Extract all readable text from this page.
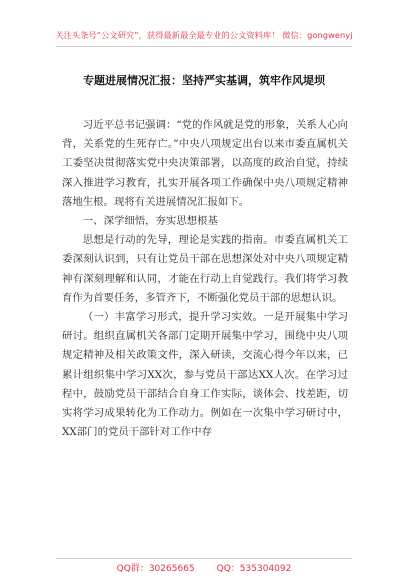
关注头条号“公文研究”，获得最新最全最专业的公文资料库！ 微信：gongwenyj
专题进展情况汇报：坚持严实基调，筑牢作风堤坝

习近平总书记强调：“党的作风就是党的形象，关系人心向背，关系党的生死存亡。”中央八项规定出台以来市委直属机关工委坚决贯彻落实党中央决策部署，以高度的政治自觉，持续深入推进学习教育，扎实开展各项工作确保中央八项规定精神落地生根。现将有关进展情况汇报如下。

一、深学细悟，夯实思想根基

思想是行动的先导，理论是实践的指南。市委直属机关工委深刻认识到，只有让党员干部在思想深处对中央八项规定精神有深刻理解和认同，才能在行动上自觉践行。我们将学习教育作为首要任务，多管齐下，不断强化党员干部的思想认识。

（一）丰富学习形式，提升学习实效。一是开展集中学习研讨。组织直属机关各部门定期开展集中学习，围绕中央八项规定精神及相关政策文件，深入研读，交流心得今年以来，已累计组织集中学习XX次，参与党员干部达XX人次。在学习过程中，鼓励党员干部结合自身工作实际，谈体会、找差距，切实将学习成果转化为工作动力。例如在一次集中学习研讨中，XX部门的党员干部针对工作中存

QQ群：30265665 QQ：535304092
